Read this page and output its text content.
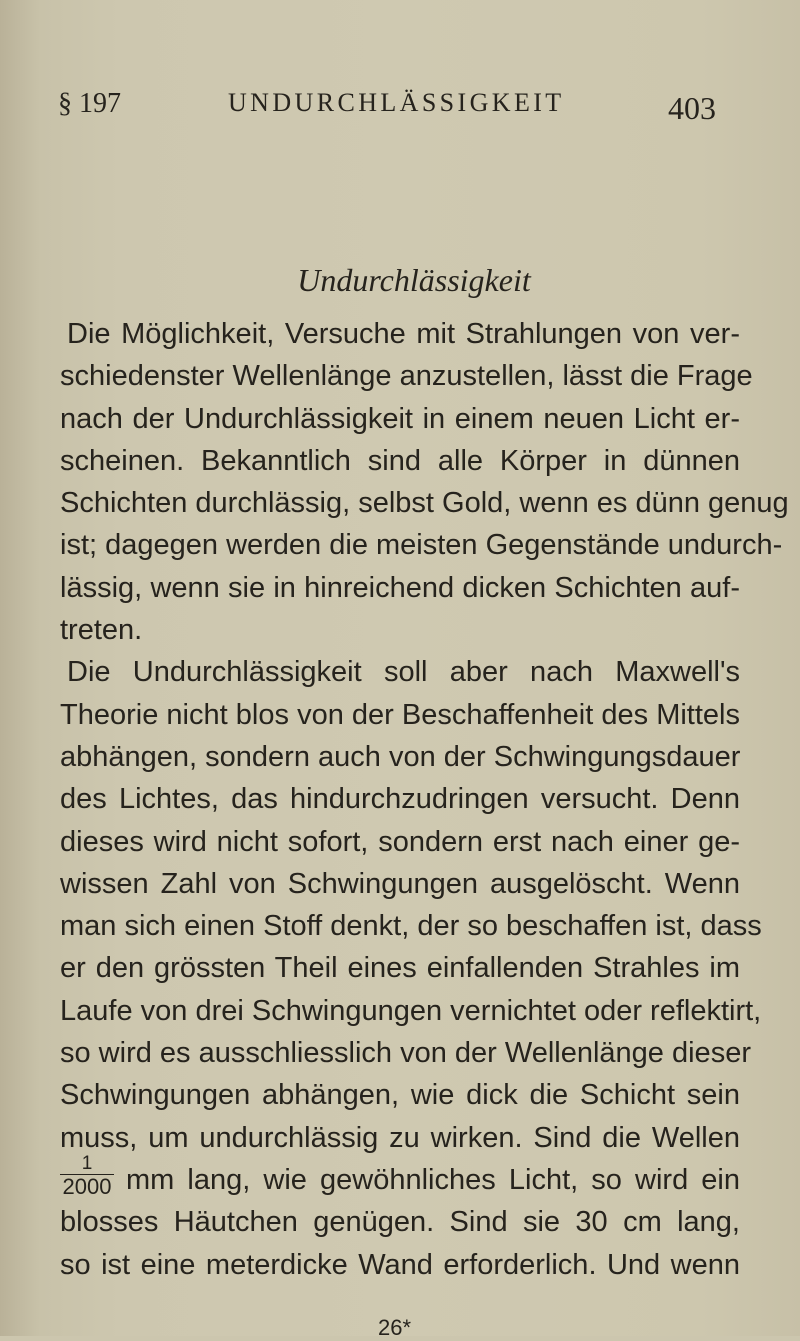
§ 197	UNDURCHLÄSSIGKEIT	403
Undurchlässigkeit
Die Möglichkeit, Versuche mit Strahlungen von ver-
schiedenster Wellenlänge anzustellen, lässt die Frage
nach der Undurchlässigkeit in einem neuen Licht er-
scheinen. Bekanntlich sind alle Körper in dünnen
Schichten durchlässig, selbst Gold, wenn es dünn genug
ist; dagegen werden die meisten Gegenstände undurch-
lässig, wenn sie in hinreichend dicken Schichten auf-
treten.
Die Undurchlässigkeit soll aber nach Maxwell's
Theorie nicht blos von der Beschaffenheit des Mittels
abhängen, sondern auch von der Schwingungsdauer
des Lichtes, das hindurchzudringen versucht. Denn
dieses wird nicht sofort, sondern erst nach einer ge-
wissen Zahl von Schwingungen ausgelöscht. Wenn
man sich einen Stoff denkt, der so beschaffen ist, dass
er den grössten Theil eines einfallenden Strahles im
Laufe von drei Schwingungen vernichtet oder reflektirt,
so wird es ausschliesslich von der Wellenlänge dieser
Schwingungen abhängen, wie dick die Schicht sein
muss, um undurchlässig zu wirken. Sind die Wellen
$\frac{1}{2000}$ mm lang, wie gewöhnliches Licht, so wird ein
blosses Häutchen genügen. Sind sie 30 cm lang,
so ist eine meterdicke Wand erforderlich. Und wenn
26*
